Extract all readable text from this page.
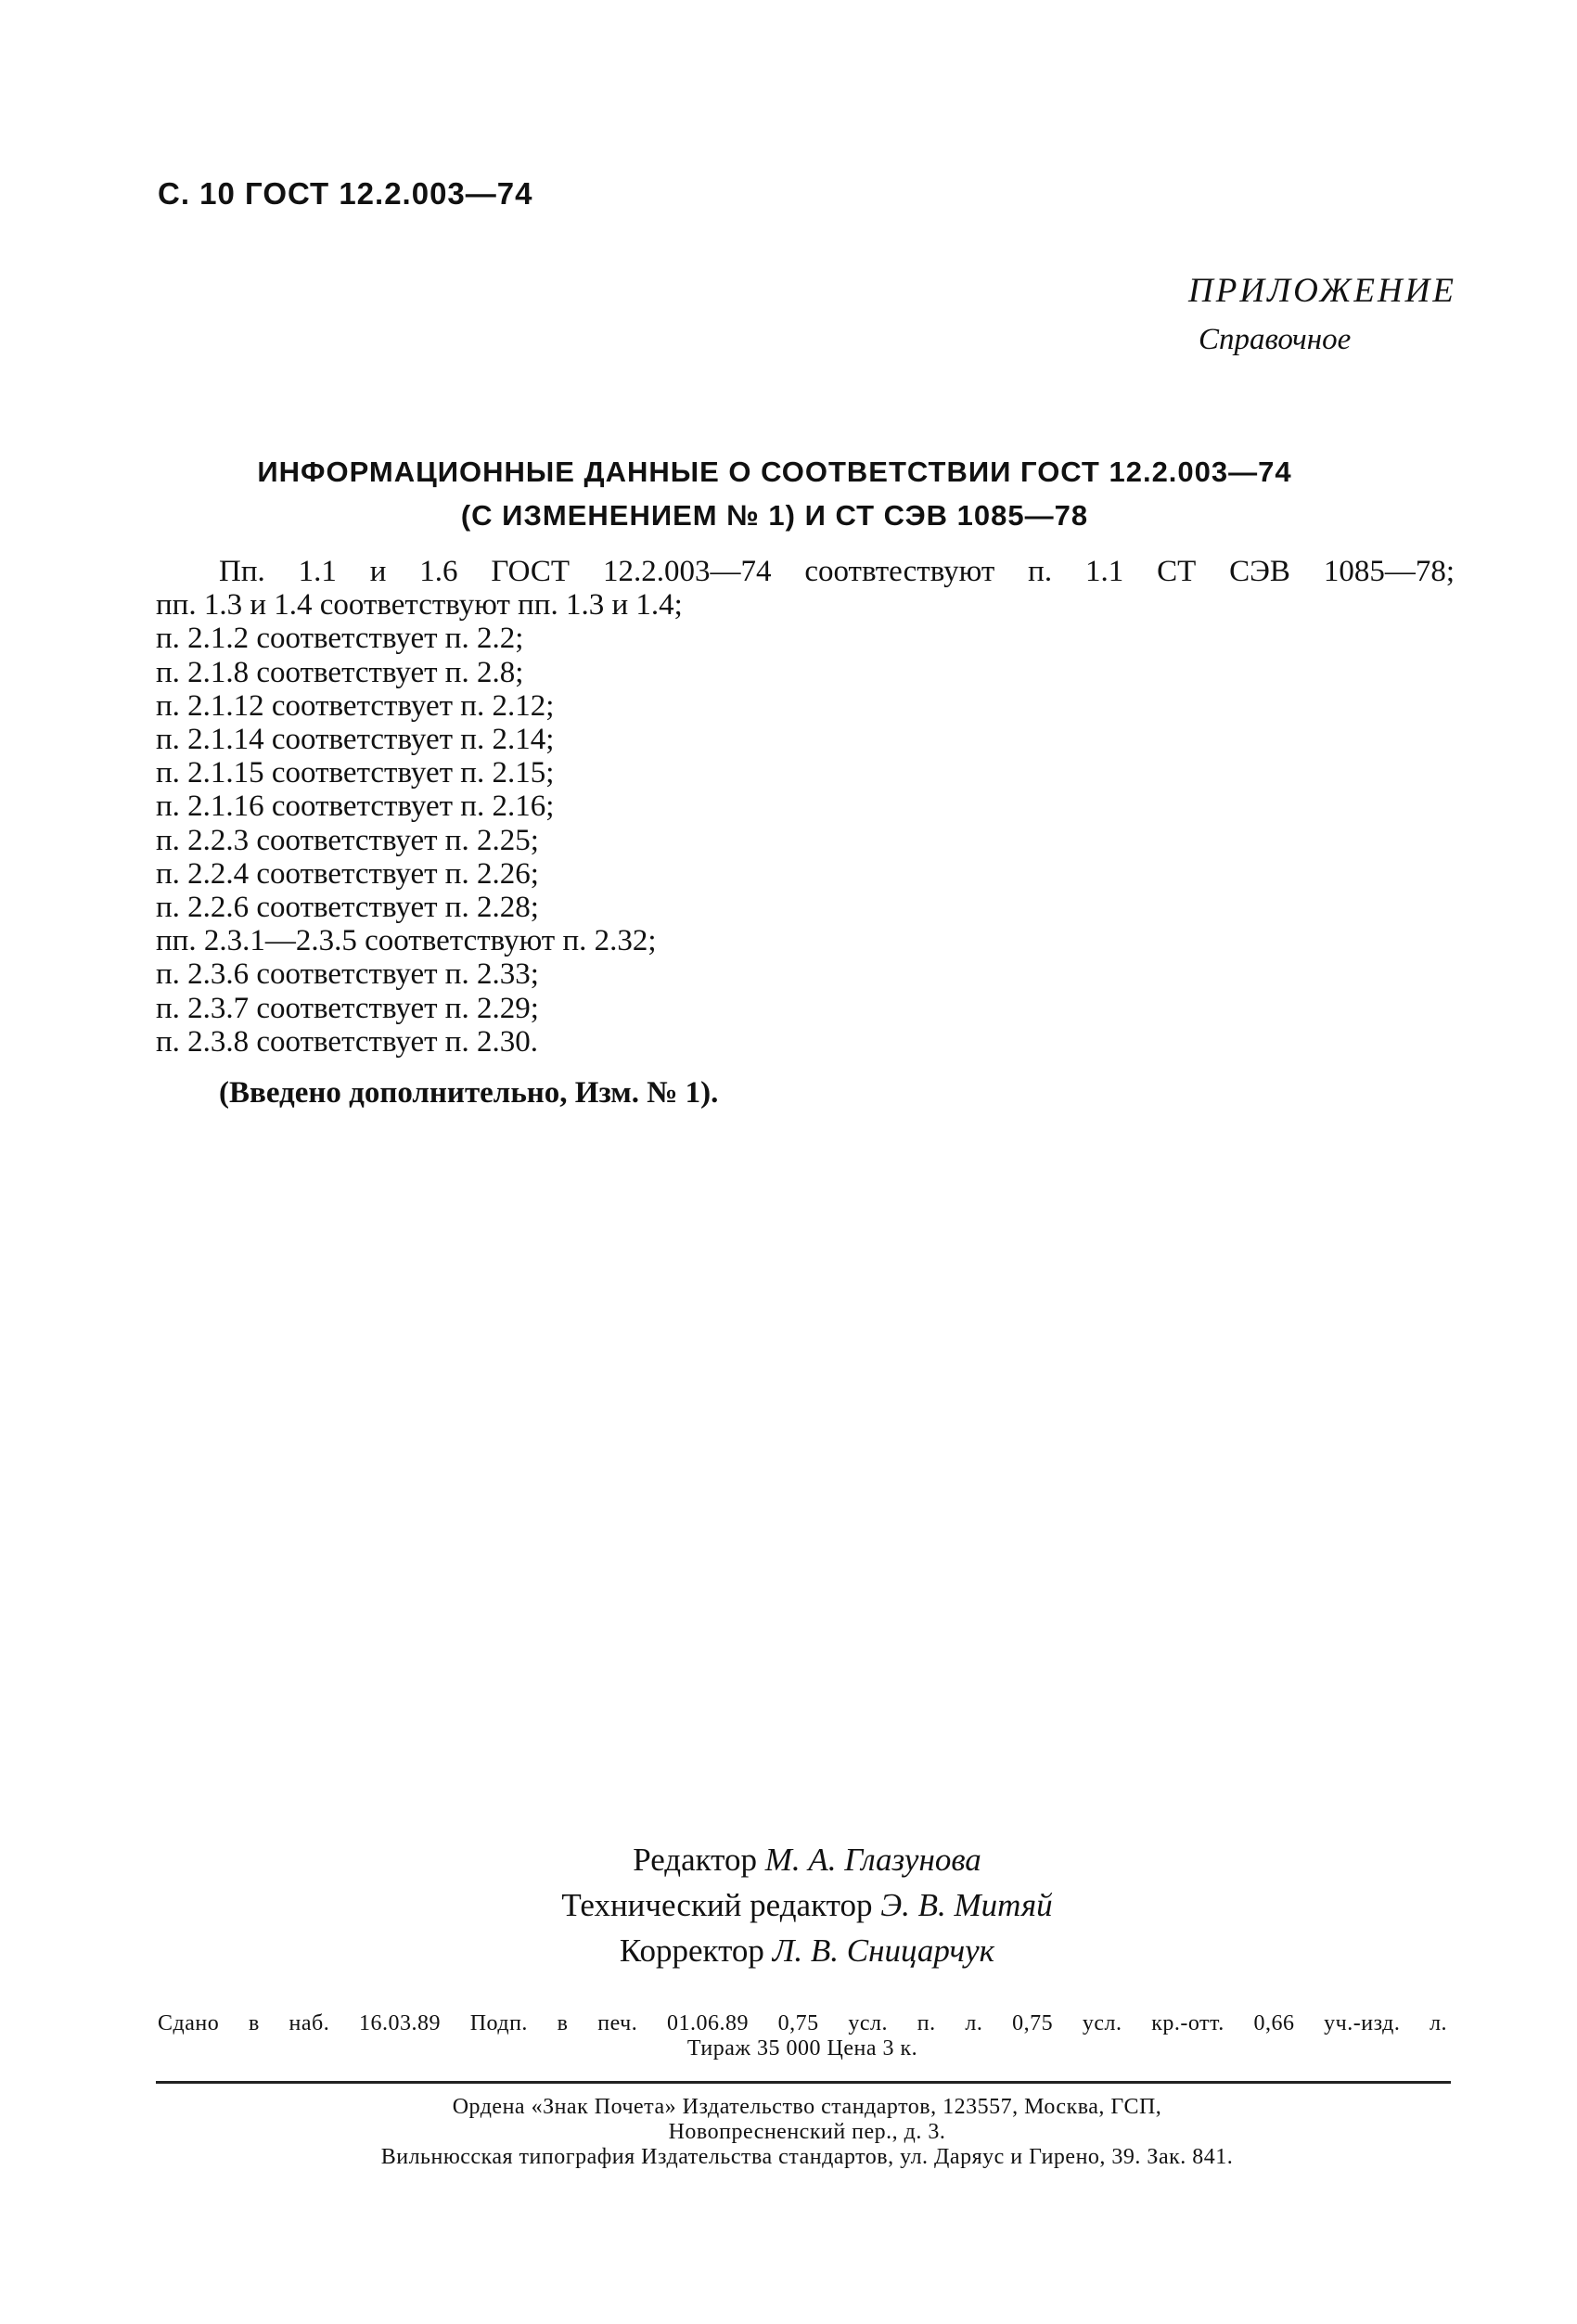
С. 10 ГОСТ 12.2.003—74
ПРИЛОЖЕНИЕ
Справочное
ИНФОРМАЦИОННЫЕ ДАННЫЕ О СООТВЕТСТВИИ ГОСТ 12.2.003—74
(С ИЗМЕНЕНИЕМ № 1) И СТ СЭВ 1085—78
Пп. 1.1 и 1.6 ГОСТ 12.2.003—74 соотвтествуют п. 1.1 СТ СЭВ 1085—78;
пп. 1.3 и 1.4 соответствуют пп. 1.3 и 1.4;
п. 2.1.2 соответствует п. 2.2;
п. 2.1.8 соответствует п. 2.8;
п. 2.1.12 соответствует п. 2.12;
п. 2.1.14 соответствует п. 2.14;
п. 2.1.15 соответствует п. 2.15;
п. 2.1.16 соответствует п. 2.16;
п. 2.2.3 соответствует п. 2.25;
п. 2.2.4 соответствует п. 2.26;
п. 2.2.6 соответствует п. 2.28;
пп. 2.3.1—2.3.5 соответствуют п. 2.32;
п. 2.3.6 соответствует п. 2.33;
п. 2.3.7 соответствует п. 2.29;
п. 2.3.8 соответствует п. 2.30.
(Введено дополнительно, Изм. № 1).
Редактор М. А. Глазунова
Технический редактор Э. В. Митяй
Корректор Л. В. Сницарчук
Сдано в наб. 16.03.89 Подп. в печ. 01.06.89 0,75 усл. п. л. 0,75 усл. кр.-отт. 0,66 уч.-изд. л.
Тираж 35 000 Цена 3 к.
Ордена «Знак Почета» Издательство стандартов, 123557, Москва, ГСП,
Новопресненский пер., д. 3.
Вильнюсская типография Издательства стандартов, ул. Даряус и Гирено, 39. Зак. 841.
